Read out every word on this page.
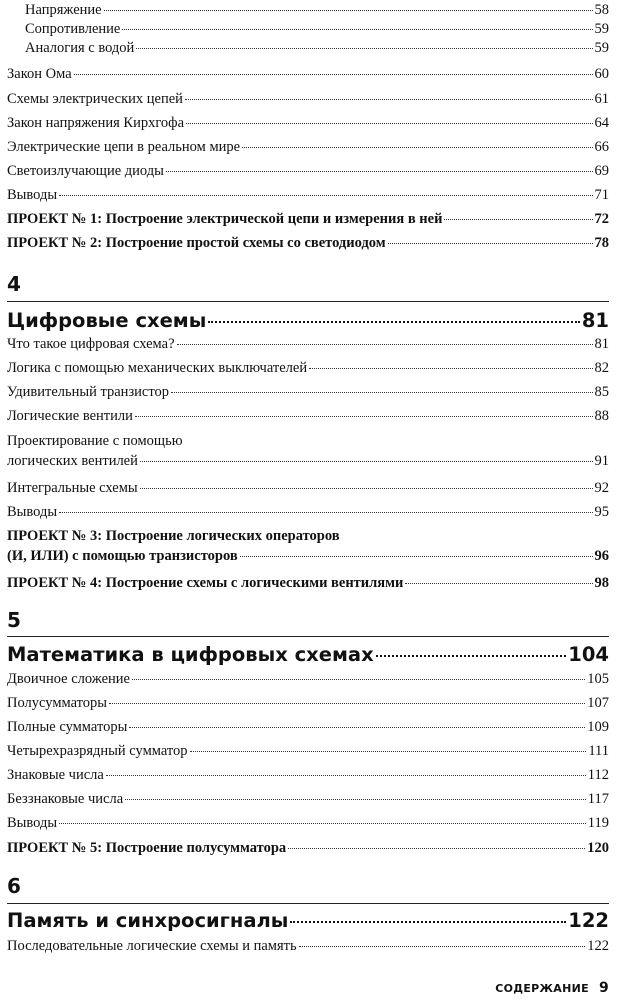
Напряжение	58
Сопротивление	59
Аналогия с водой	59
Закон Ома	60
Схемы электрических цепей	61
Закон напряжения Кирхгофа	64
Электрические цепи в реальном мире	66
Светоизлучающие диоды	69
Выводы	71
ПРОЕКТ № 1: Построение электрической цепи и измерения в ней	72
ПРОЕКТ № 2: Построение простой схемы со светодиодом	78
4
Цифровые схемы	81
Что такое цифровая схема?	81
Логика с помощью механических выключателей	82
Удивительный транзистор	85
Логические вентили	88
Проектирование с помощью
логических вентилей	91
Интегральные схемы	92
Выводы	95
ПРОЕКТ № 3: Построение логических операторов
(И, ИЛИ) с помощью транзисторов	96
ПРОЕКТ № 4: Построение схемы с логическими вентилями	98
5
Математика в цифровых схемах	104
Двоичное сложение	105
Полусумматоры	107
Полные сумматоры	109
Четырехразрядный сумматор	111
Знаковые числа	112
Беззнаковые числа	117
Выводы	119
ПРОЕКТ № 5: Построение полусумматора	120
6
Память и синхросигналы	122
Последовательные логические схемы и память	122
СОДЕРЖАНИЕ 9
